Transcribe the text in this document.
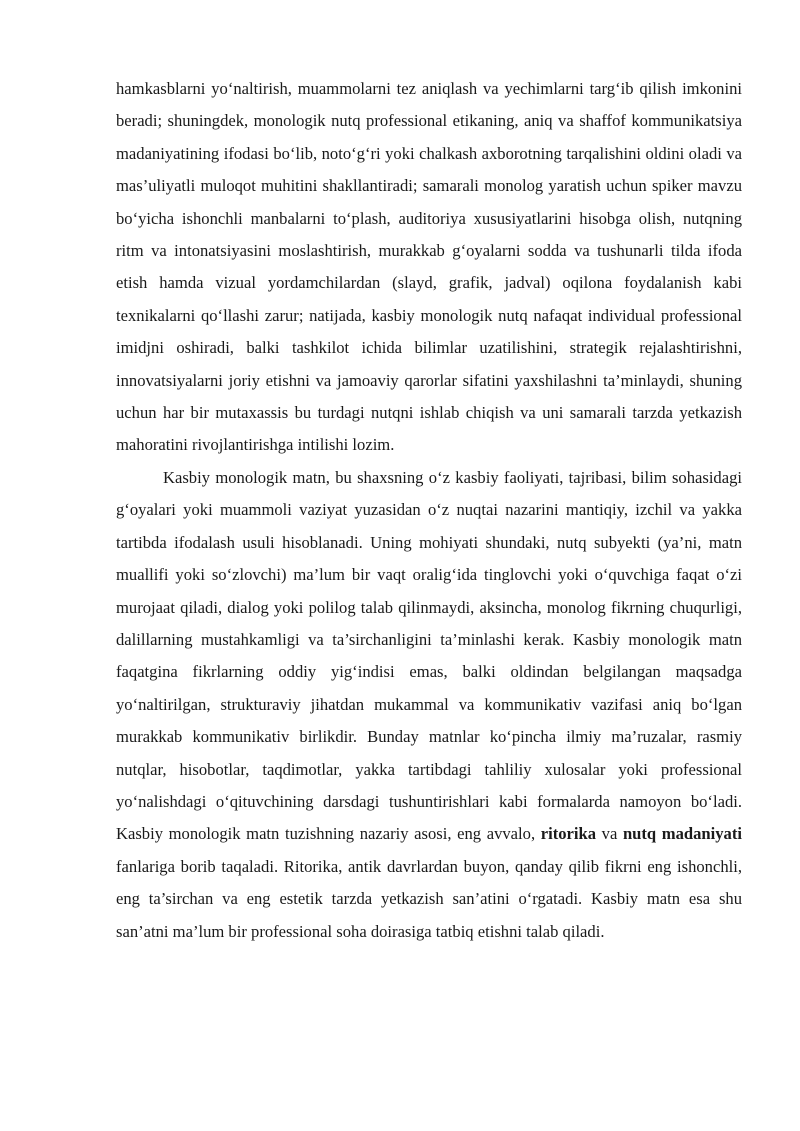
hamkasblarni yo‘naltirish, muammolarni tez aniqlash va yechimlarni targ‘ib qilish imkonini beradi; shuningdek, monologik nutq professional etikaning, aniq va shaffof kommunikatsiya madaniyatining ifodasi bo‘lib, noto‘g‘ri yoki chalkash axborotning tarqalishini oldini oladi va mas’uliyatli muloqot muhitini shakllantiradi; samarali monolog yaratish uchun spiker mavzu bo‘yicha ishonchli manbalarni to‘plash, auditoriya xususiyatlarini hisobga olish, nutqning ritm va intonatsiyasini moslashtirish, murakkab g‘oyalarni sodda va tushunarli tilda ifoda etish hamda vizual yordamchilardan (slayd, grafik, jadval) oqilona foydalanish kabi texnikalarni qo‘llashi zarur; natijada, kasbiy monologik nutq nafaqat individual professional imidjni oshiradi, balki tashkilot ichida bilimlar uzatilishini, strategik rejalashtirishni, innovatsiyalarni joriy etishni va jamoaviy qarorlar sifatini yaxshilashni ta’minlaydi, shuning uchun har bir mutaxassis bu turdagi nutqni ishlab chiqish va uni samarali tarzda yetkazish mahoratini rivojlantirishga intilishi lozim.

Kasbiy monologik matn, bu shaxsning o‘z kasbiy faoliyati, tajribasi, bilim sohasidagi g‘oyalari yoki muammoli vaziyat yuzasidan o‘z nuqtai nazarini mantiqiy, izchil va yakka tartibda ifodalash usuli hisoblanadi. Uning mohiyati shundaki, nutq subyekti (ya’ni, matn muallifi yoki so‘zlovchi) ma’lum bir vaqt oralig‘ida tinglovchi yoki o‘quvchiga faqat o‘zi murojaat qiladi, dialog yoki polilog talab qilinmaydi, aksincha, monolog fikrning chuqurligi, dalillarning mustahkamligi va ta’sirchanligini ta’minlashi kerak. Kasbiy monologik matn faqatgina fikrlarning oddiy yig‘indisi emas, balki oldindan belgilangan maqsadga yo‘naltirilgan, strukturaviy jihatdan mukammal va kommunikativ vazifasi aniq bo‘lgan murakkab kommunikativ birlikdir. Bunday matnlar ko‘pincha ilmiy ma’ruzalar, rasmiy nutqlar, hisobotlar, taqdimotlar, yakka tartibdagi tahliliy xulosalar yoki professional yo‘nalishdagi o‘qituvchining darsdagi tushuntirishlari kabi formalarda namoyon bo‘ladi. Kasbiy monologik matn tuzishning nazariy asosi, eng avvalo, ritorika va nutq madaniyati fanlariga borib taqaladi. Ritorika, antik davrlardan buyon, qanday qilib fikrni eng ishonchli, eng ta’sirchan va eng estetik tarzda yetkazish san’atini o‘rgatadi. Kasbiy matn esa shu san’atni ma’lum bir professional soha doirasiga tatbiq etishni talab qiladi.
